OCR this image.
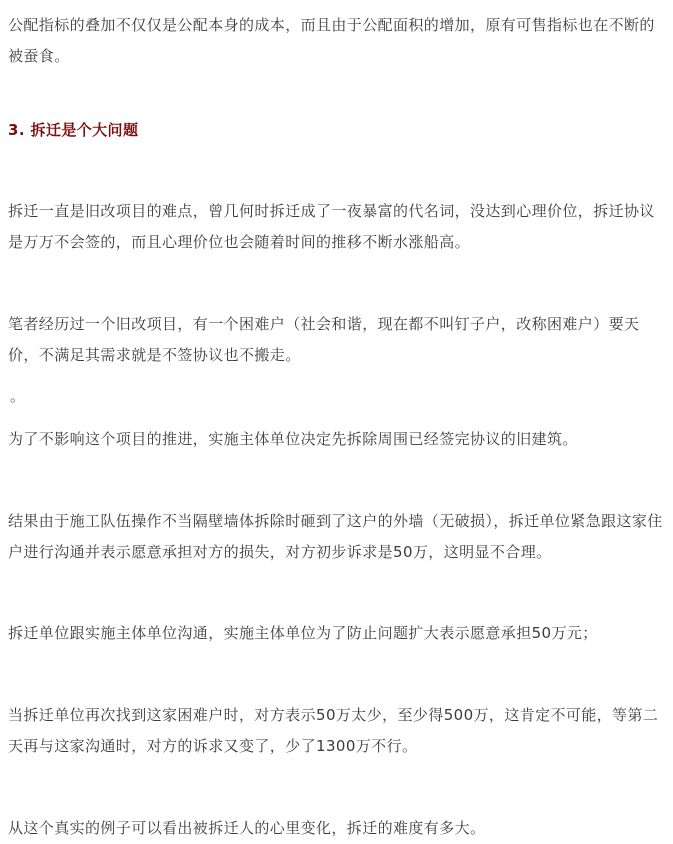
公配指标的叠加不仅仅是公配本身的成本，而且由于公配面积的增加，原有可售指标也在不断的被蚕食。

3. 拆迁是个大问题

拆迁一直是旧改项目的难点，曾几何时拆迁成了一夜暴富的代名词，没达到心理价位，拆迁协议是万万不会签的，而且心理价位也会随着时间的推移不断水涨船高。

笔者经历过一个旧改项目，有一个困难户（社会和谐，现在都不叫钉子户，改称困难户）要天价，不满足其需求就是不签协议也不搬走。

。

为了不影响这个项目的推进，实施主体单位决定先拆除周围已经签完协议的旧建筑。

结果由于施工队伍操作不当隔壁墙体拆除时砸到了这户的外墙（无破损），拆迁单位紧急跟这家住户进行沟通并表示愿意承担对方的损失，对方初步诉求是50万，这明显不合理。

拆迁单位跟实施主体单位沟通，实施主体单位为了防止问题扩大表示愿意承担50万元；

当拆迁单位再次找到这家困难户时，对方表示50万太少，至少得500万，这肯定不可能，等第二天再与这家沟通时，对方的诉求又变了，少了1300万不行。

从这个真实的例子可以看出被拆迁人的心里变化，拆迁的难度有多大。
